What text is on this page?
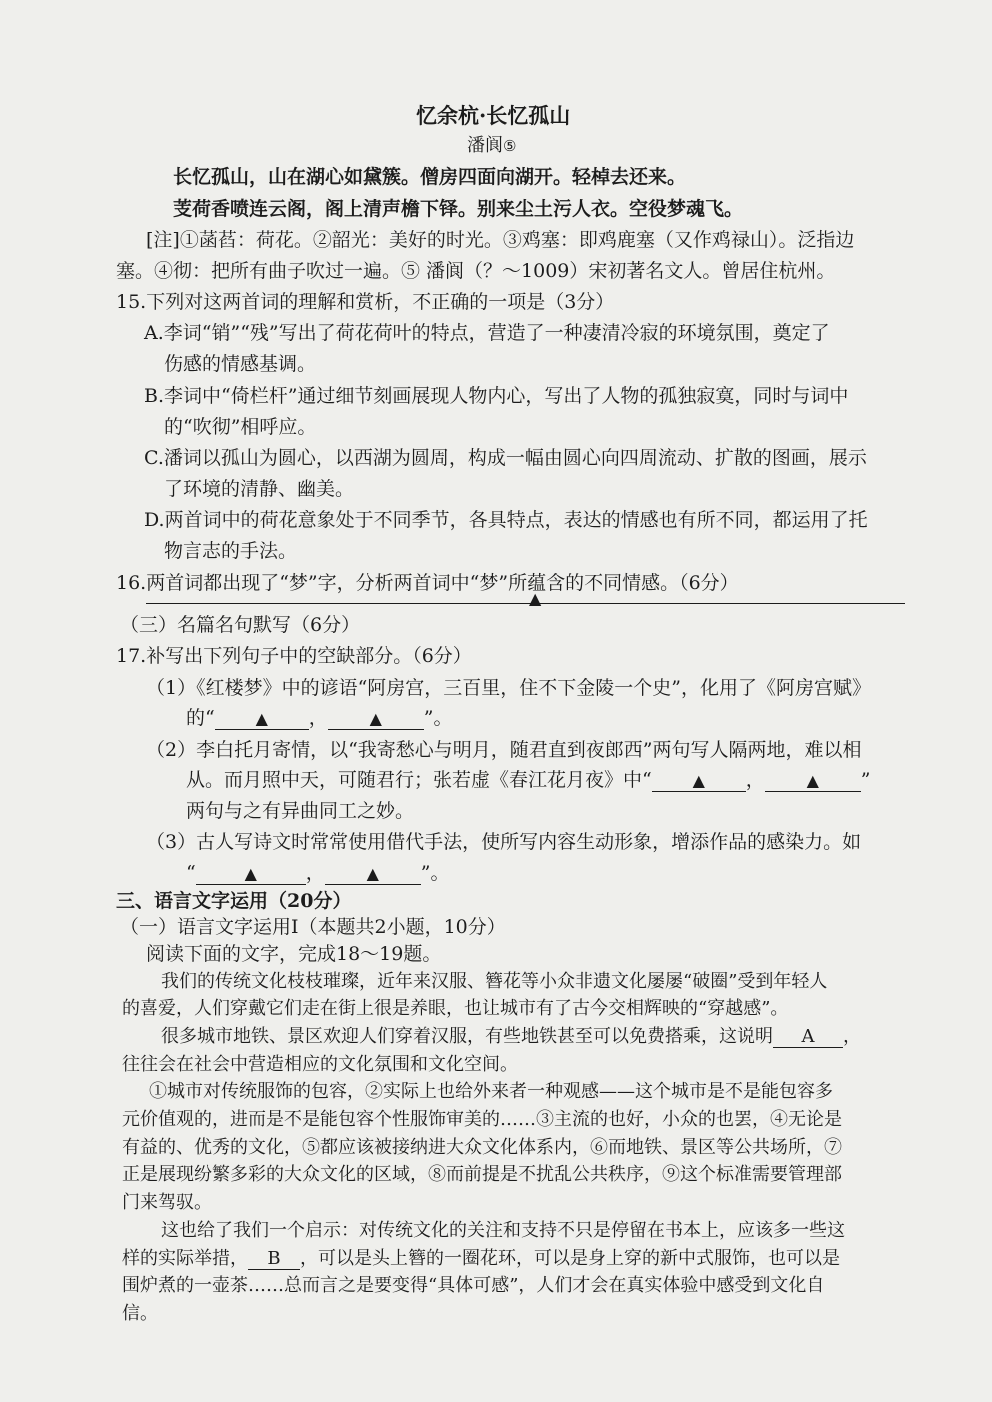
忆余杭·长忆孤山
潘阆⑤
长忆孤山，山在湖心如黛簇。僧房四面向湖开。轻棹去还来。
芰荷香喷连云阁，阁上清声檐下铎。别来尘土污人衣。空役梦魂飞。
[注]①菡萏：荷花。②韶光：美好的时光。③鸡塞：即鸡鹿塞（又作鸡禄山）。泛指边
塞。④彻：把所有曲子吹过一遍。⑤ 潘阆（？～1009）宋初著名文人。曾居住杭州。
15.下列对这两首词的理解和赏析，不正确的一项是（3分）
A.李词“销”“残”写出了荷花荷叶的特点，营造了一种凄清冷寂的环境氛围，奠定了
伤感的情感基调。
B.李词中“倚栏杆”通过细节刻画展现人物内心，写出了人物的孤独寂寞，同时与词中
的“吹彻”相呼应。
C.潘词以孤山为圆心，以西湖为圆周，构成一幅由圆心向四周流动、扩散的图画，展示
了环境的清静、幽美。
D.两首词中的荷花意象处于不同季节，各具特点，表达的情感也有所不同，都运用了托
物言志的手法。
16.两首词都出现了“梦”字，分析两首词中“梦”所蕴含的不同情感。（6分）
▲
（三）名篇名句默写（6分）
17.补写出下列句子中的空缺部分。（6分）
（1）《红楼梦》中的谚语“阿房宫，三百里，住不下金陵一个史”，化用了《阿房宫赋》
的“	▲ ，	▲ ”。
（2）李白托月寄情，以“我寄愁心与明月，随君直到夜郎西”两句写人隔两地，难以相
从。而月照中天，可随君行；张若虚《春江花月夜》中“	▲ ，	▲ ”
两句与之有异曲同工之妙。
（3）古人写诗文时常常使用借代手法，使所写内容生动形象，增添作品的感染力。如
“	▲	，	▲ ”。
三、语言文字运用（20分）
（一）语言文字运用Ⅰ（本题共2小题，10分）
阅读下面的文字，完成18～19题。
我们的传统文化枝枝璀璨，近年来汉服、簪花等小众非遗文化屡屡“破圈”受到年轻人
的喜爱，人们穿戴它们走在街上很是养眼，也让城市有了古今交相辉映的“穿越感”。
很多城市地铁、景区欢迎人们穿着汉服，有些地铁甚至可以免费搭乘，这说明 A ，
往往会在社会中营造相应的文化氛围和文化空间。
①城市对传统服饰的包容，②实际上也给外来者一种观感——这个城市是不是能包容多
元价值观的，进而是不是能包容个性服饰审美的……③主流的也好，小众的也罢，④无论是
有益的、优秀的文化，⑤都应该被接纳进大众文化体系内，⑥而地铁、景区等公共场所，⑦
正是展现纷繁多彩的大众文化的区域，⑧而前提是不扰乱公共秩序，⑨这个标准需要管理部
门来驾驭。
这也给了我们一个启示：对传统文化的关注和支持不只是停留在书本上，应该多一些这
样的实际举措， B ，可以是头上簪的一圈花环，可以是身上穿的新中式服饰，也可以是
围炉煮的一壶茶……总而言之是要变得“具体可感”，人们才会在真实体验中感受到文化自
信。
